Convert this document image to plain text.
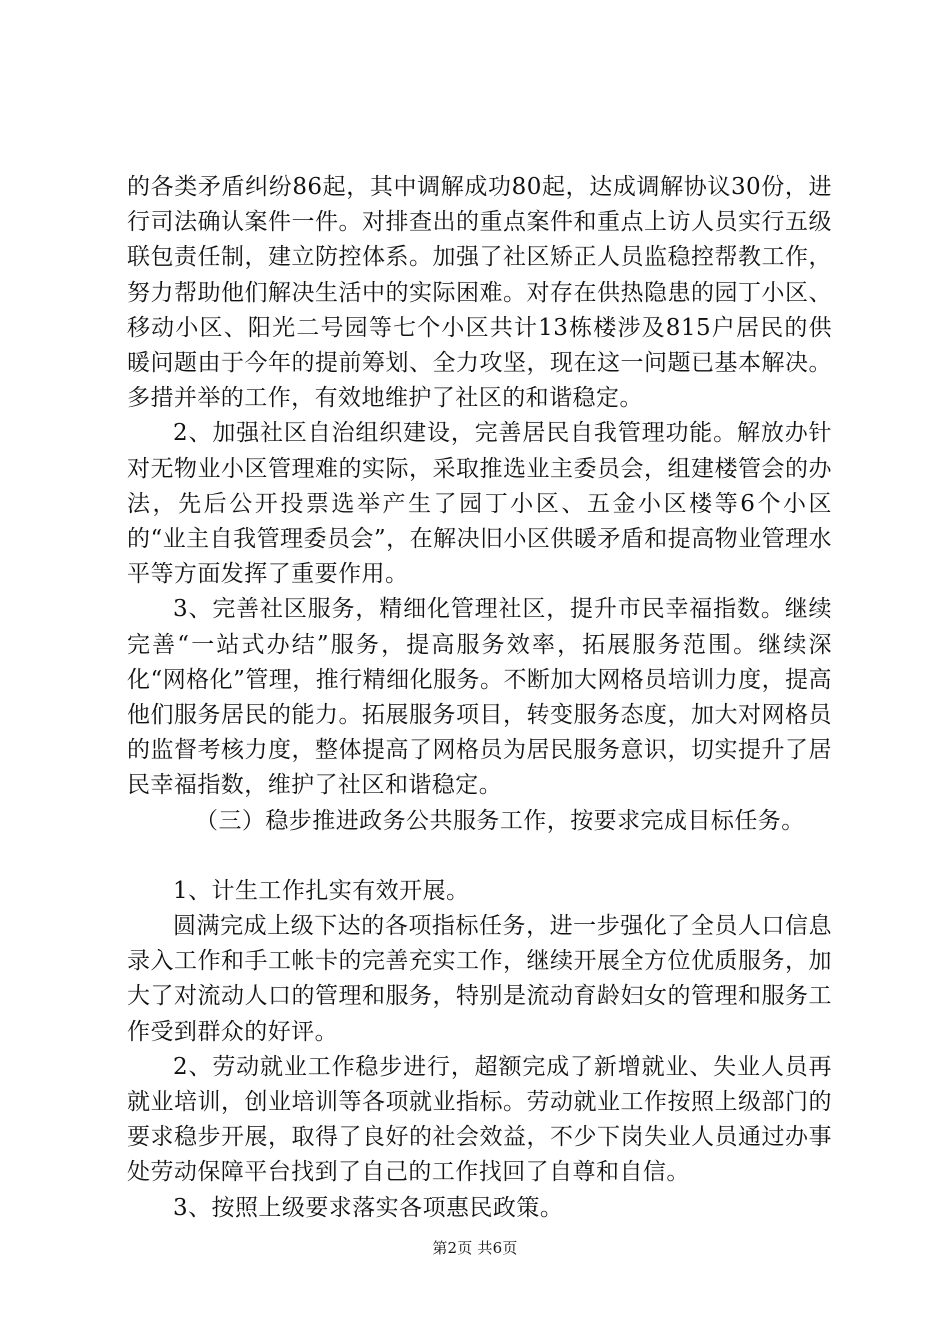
的各类矛盾纠纷86起，其中调解成功80起，达成调解协议30份，进行司法确认案件一件。对排查出的重点案件和重点上访人员实行五级联包责任制，建立防控体系。加强了社区矫正人员监稳控帮教工作，努力帮助他们解决生活中的实际困难。对存在供热隐患的园丁小区、移动小区、阳光二号园等七个小区共计13栋楼涉及815户居民的供暖问题由于今年的提前筹划、全力攻坚，现在这一问题已基本解决。多措并举的工作，有效地维护了社区的和谐稳定。

2、加强社区自治组织建设，完善居民自我管理功能。解放办针对无物业小区管理难的实际，采取推选业主委员会，组建楼管会的办法，先后公开投票选举产生了园丁小区、五金小区楼等6个小区的“业主自我管理委员会”，在解决旧小区供暖矛盾和提高物业管理水平等方面发挥了重要作用。

3、完善社区服务，精细化管理社区，提升市民幸福指数。继续完善“一站式办结”服务，提高服务效率，拓展服务范围。继续深化“网格化”管理，推行精细化服务。不断加大网格员培训力度，提高他们服务居民的能力。拓展服务项目，转变服务态度，加大对网格员的监督考核力度，整体提高了网格员为居民服务意识，切实提升了居民幸福指数，维护了社区和谐稳定。

（三）稳步推进政务公共服务工作，按要求完成目标任务。

1、计生工作扎实有效开展。

圆满完成上级下达的各项指标任务，进一步强化了全员人口信息录入工作和手工帐卡的完善充实工作，继续开展全方位优质服务，加大了对流动人口的管理和服务，特别是流动育龄妇女的管理和服务工作受到群众的好评。

2、劳动就业工作稳步进行，超额完成了新增就业、失业人员再就业培训，创业培训等各项就业指标。劳动就业工作按照上级部门的要求稳步开展，取得了良好的社会效益，不少下岗失业人员通过办事处劳动保障平台找到了自己的工作找回了自尊和自信。

3、按照上级要求落实各项惠民政策。

第2页 共6页
